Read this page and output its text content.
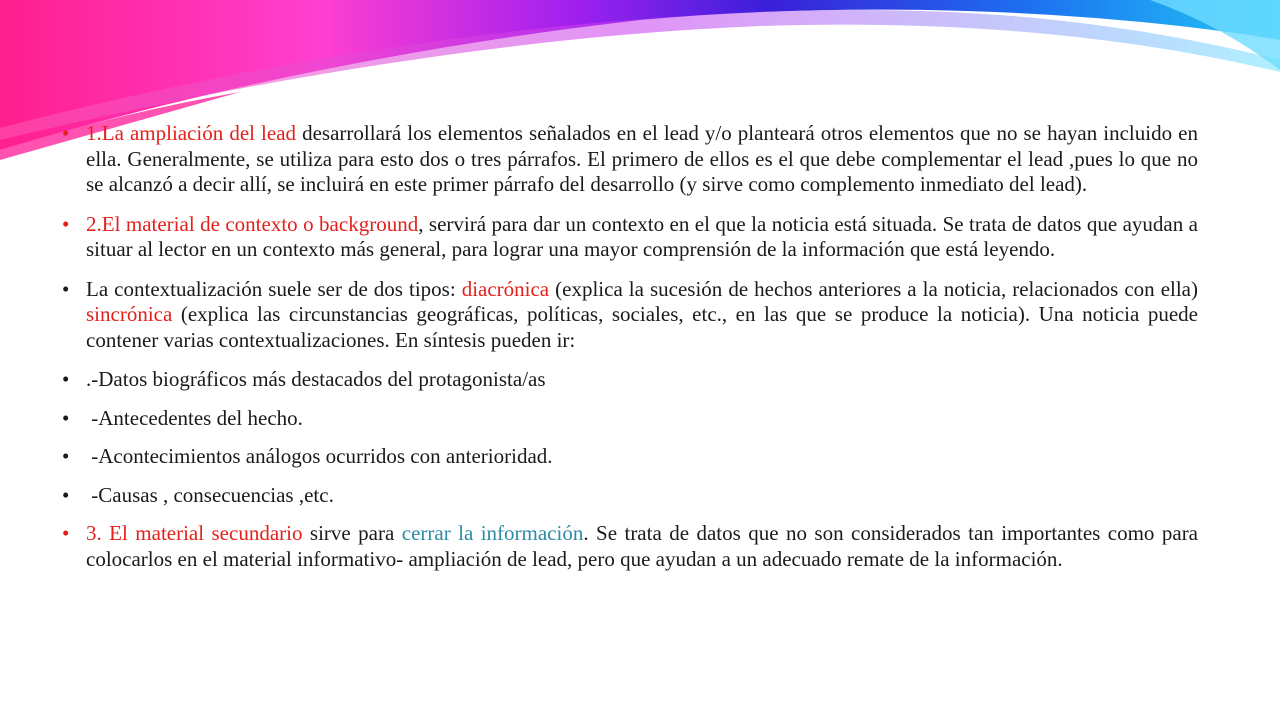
• 1.La ampliación del lead desarrollará los elementos señalados en el lead y/o planteará otros elementos que no se hayan incluido en ella. Generalmente, se utiliza para esto dos o tres párrafos. El primero de ellos es el que debe complementar el lead ,pues lo que no se alcanzó a decir allí, se incluirá en este primer párrafo del desarrollo (y sirve como complemento inmediato del lead).

• 2.El material de contexto o background, servirá para dar un contexto en el que la noticia está situada. Se trata de datos que ayudan a situar al lector en un contexto más general, para lograr una mayor comprensión de la información que está leyendo.

• La contextualización suele ser de dos tipos: diacrónica (explica la sucesión de hechos anteriores a la noticia, relacionados con ella)  sincrónica (explica las circunstancias geográficas, políticas, sociales, etc., en las que se produce la noticia). Una noticia puede contener varias contextualizaciones. En síntesis pueden ir:

• .-Datos biográficos más destacados del protagonista/as

• -Antecedentes del hecho.

• -Acontecimientos análogos ocurridos con anterioridad.

• -Causas , consecuencias ,etc.

• 3. El material secundario sirve para cerrar la información. Se trata de datos que no son considerados tan importantes como para colocarlos en el material informativo- ampliación de lead, pero que ayudan a un adecuado remate de la información.
